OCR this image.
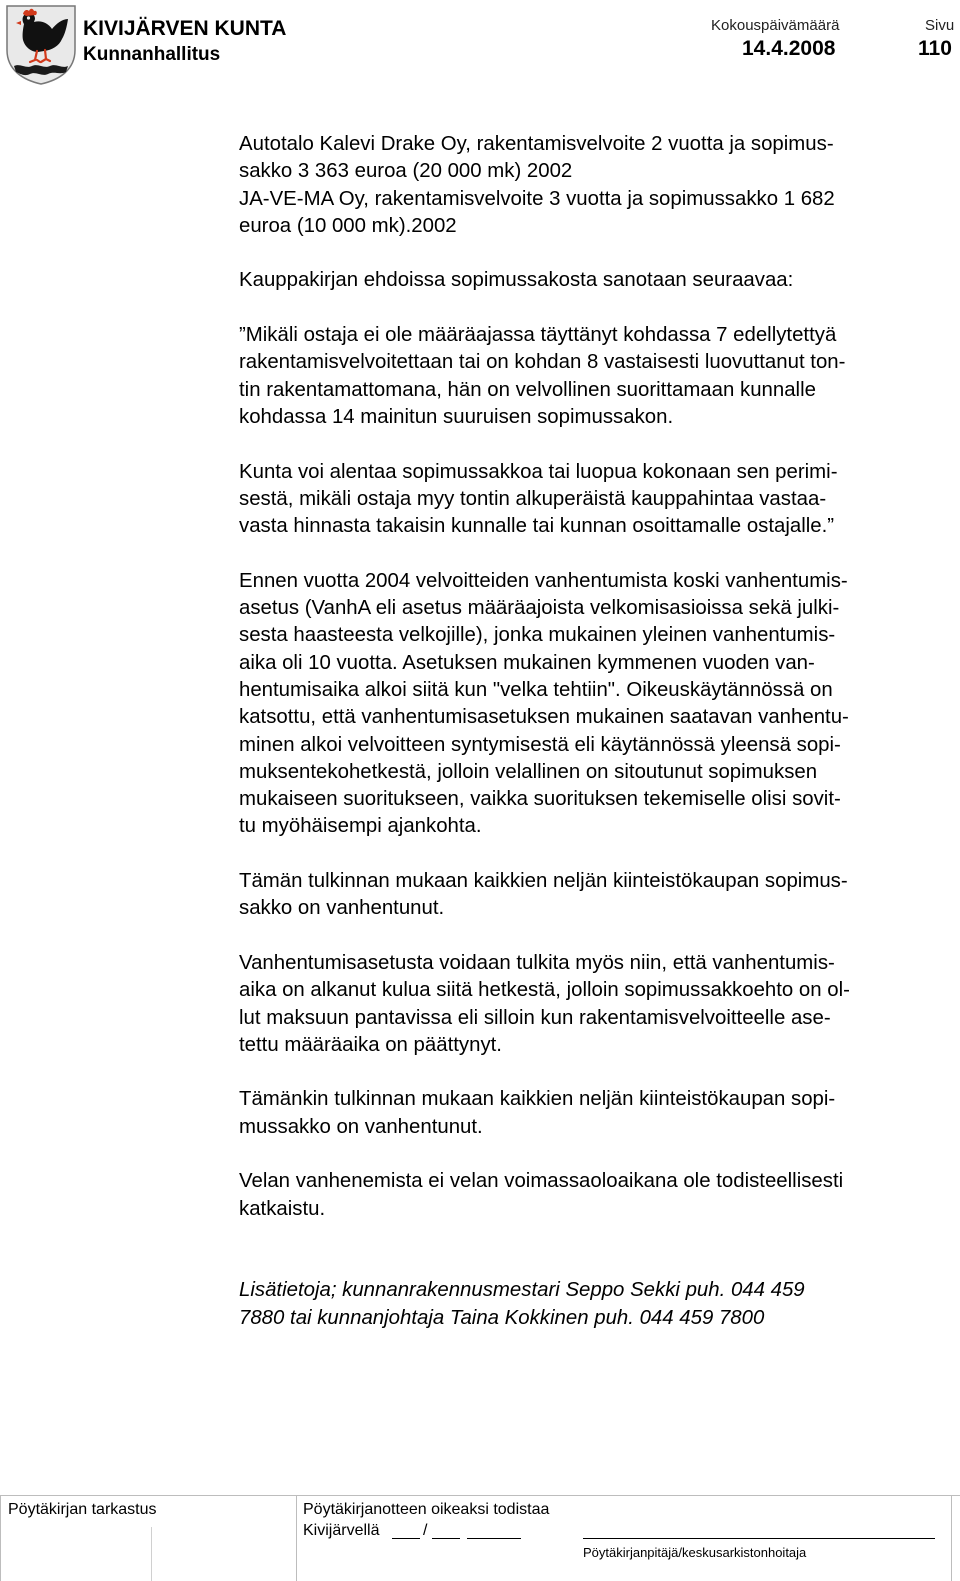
KIVIJÄRVEN KUNTA
Kunnanhallitus
Kokouspäivämäärä
14.4.2008
Sivu
110

Autotalo Kalevi Drake Oy, rakentamisvelvoite 2 vuotta ja sopimus-
sakko 3 363 euroa (20 000 mk) 2002
JA-VE-MA Oy, rakentamisvelvoite 3 vuotta ja sopimussakko 1 682
euroa (10 000 mk).2002

Kauppakirjan ehdoissa sopimussakosta sanotaan seuraavaa:

”Mikäli ostaja ei ole määräajassa täyttänyt kohdassa 7 edellytettyä
rakentamisvelvoitettaan tai on kohdan 8 vastaisesti luovuttanut ton-
tin rakentamattomana, hän on velvollinen suorittamaan kunnalle
kohdassa 14 mainitun suuruisen sopimussakon.

Kunta voi alentaa sopimussakkoa tai luopua kokonaan sen perimi-
sestä, mikäli ostaja myy tontin alkuperäistä kauppahintaa vastaa-
vasta hinnasta takaisin kunnalle tai kunnan osoittamalle ostajalle.”

Ennen vuotta 2004 velvoitteiden vanhentumista koski vanhentumis-
asetus (VanhA eli asetus määräajoista velkomisasioissa sekä julki-
sesta haasteesta velkojille), jonka mukainen yleinen vanhentumis-
aika oli 10 vuotta. Asetuksen mukainen kymmenen vuoden van-
hentumisaika alkoi siitä kun "velka tehtiin". Oikeuskäytännössä on
katsottu, että vanhentumisasetuksen mukainen saatavan vanhentu-
minen alkoi velvoitteen syntymisestä eli käytännössä yleensä sopi-
muksentekohetkestä, jolloin velallinen on sitoutunut sopimuksen
mukaiseen suoritukseen, vaikka suorituksen tekemiselle olisi sovit-
tu myöhäisempi ajankohta.

Tämän tulkinnan mukaan kaikkien neljän kiinteistökaupan sopimus-
sakko on vanhentunut.

Vanhentumisasetusta voidaan tulkita myös niin, että vanhentumis-
aika on alkanut kulua siitä hetkestä, jolloin sopimussakkoehto on ol-
lut maksuun pantavissa eli silloin kun rakentamisvelvoitteelle ase-
tettu määräaika on päättynyt.

Tämänkin tulkinnan mukaan kaikkien neljän kiinteistökaupan sopi-
mussakko on vanhentunut.

Velan vanhenemista ei velan voimassaoloaikana ole todisteellisesti
katkaistu.

Lisätietoja; kunnanrakennusmestari Seppo Sekki puh. 044 459
7880 tai kunnanjohtaja Taina Kokkinen puh. 044 459 7800

Pöytäkirjan tarkastus	Pöytäkirjanotteen oikeaksi todistaa
Kivijärvellä	/
Pöytäkirjanpitäjä/keskusarkistonhoitaja
